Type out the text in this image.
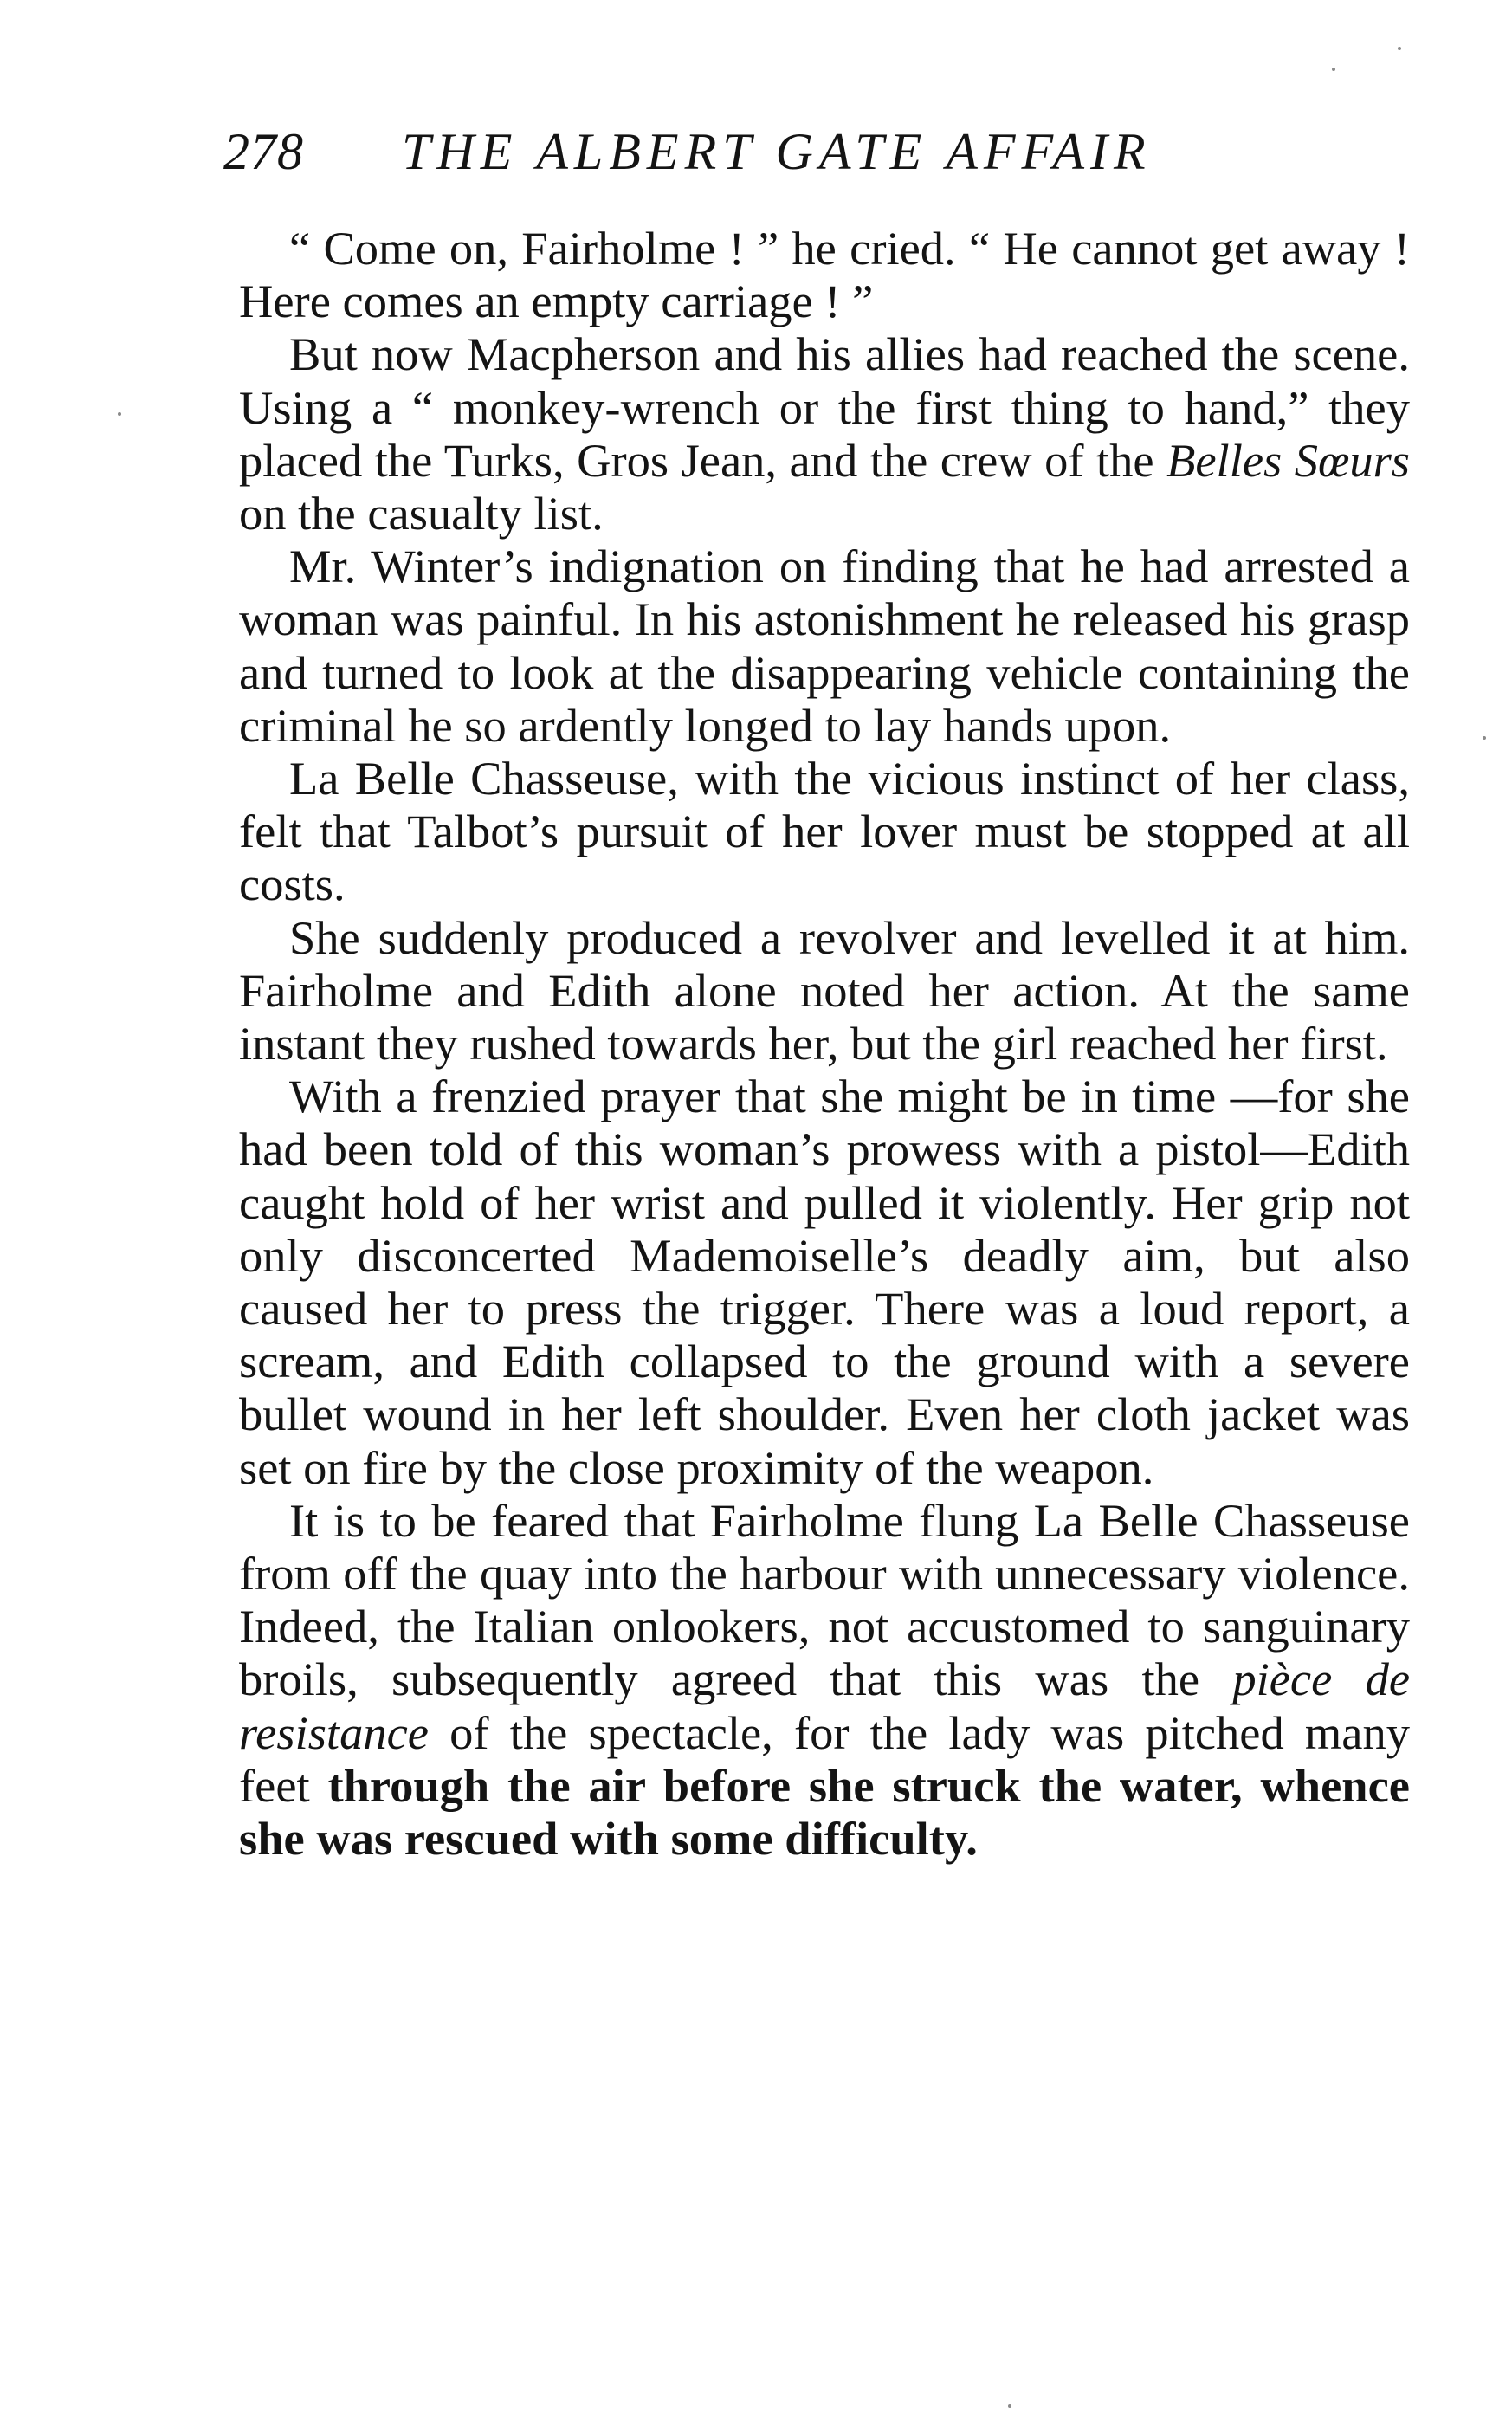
278 THE ALBERT GATE AFFAIR

“ Come on, Fairholme ! ” he cried. “ He cannot get away ! Here comes an empty carriage ! ”

But now Macpherson and his allies had reached the scene. Using a “ monkey-wrench or the first thing to hand,” they placed the Turks, Gros Jean, and the crew of the Belles Sœurs on the casualty list.

Mr. Winter’s indignation on finding that he had arrested a woman was painful. In his astonishment he released his grasp and turned to look at the disappearing vehicle containing the criminal he so ardently longed to lay hands upon.

La Belle Chasseuse, with the vicious instinct of her class, felt that Talbot’s pursuit of her lover must be stopped at all costs.

She suddenly produced a revolver and levelled it at him. Fairholme and Edith alone noted her action. At the same instant they rushed towards her, but the girl reached her first.

With a frenzied prayer that she might be in time —for she had been told of this woman’s prowess with a pistol—Edith caught hold of her wrist and pulled it violently. Her grip not only disconcerted Mademoiselle’s deadly aim, but also caused her to press the trigger. There was a loud report, a scream, and Edith collapsed to the ground with a severe bullet wound in her left shoulder. Even her cloth jacket was set on fire by the close proximity of the weapon.

It is to be feared that Fairholme flung La Belle Chasseuse from off the quay into the harbour with unnecessary violence. Indeed, the Italian onlookers, not accustomed to sanguinary broils, subsequently agreed that this was the pièce de resistance of the spectacle, for the lady was pitched many feet through the air before she struck the water, whence she was rescued with some difficulty.
